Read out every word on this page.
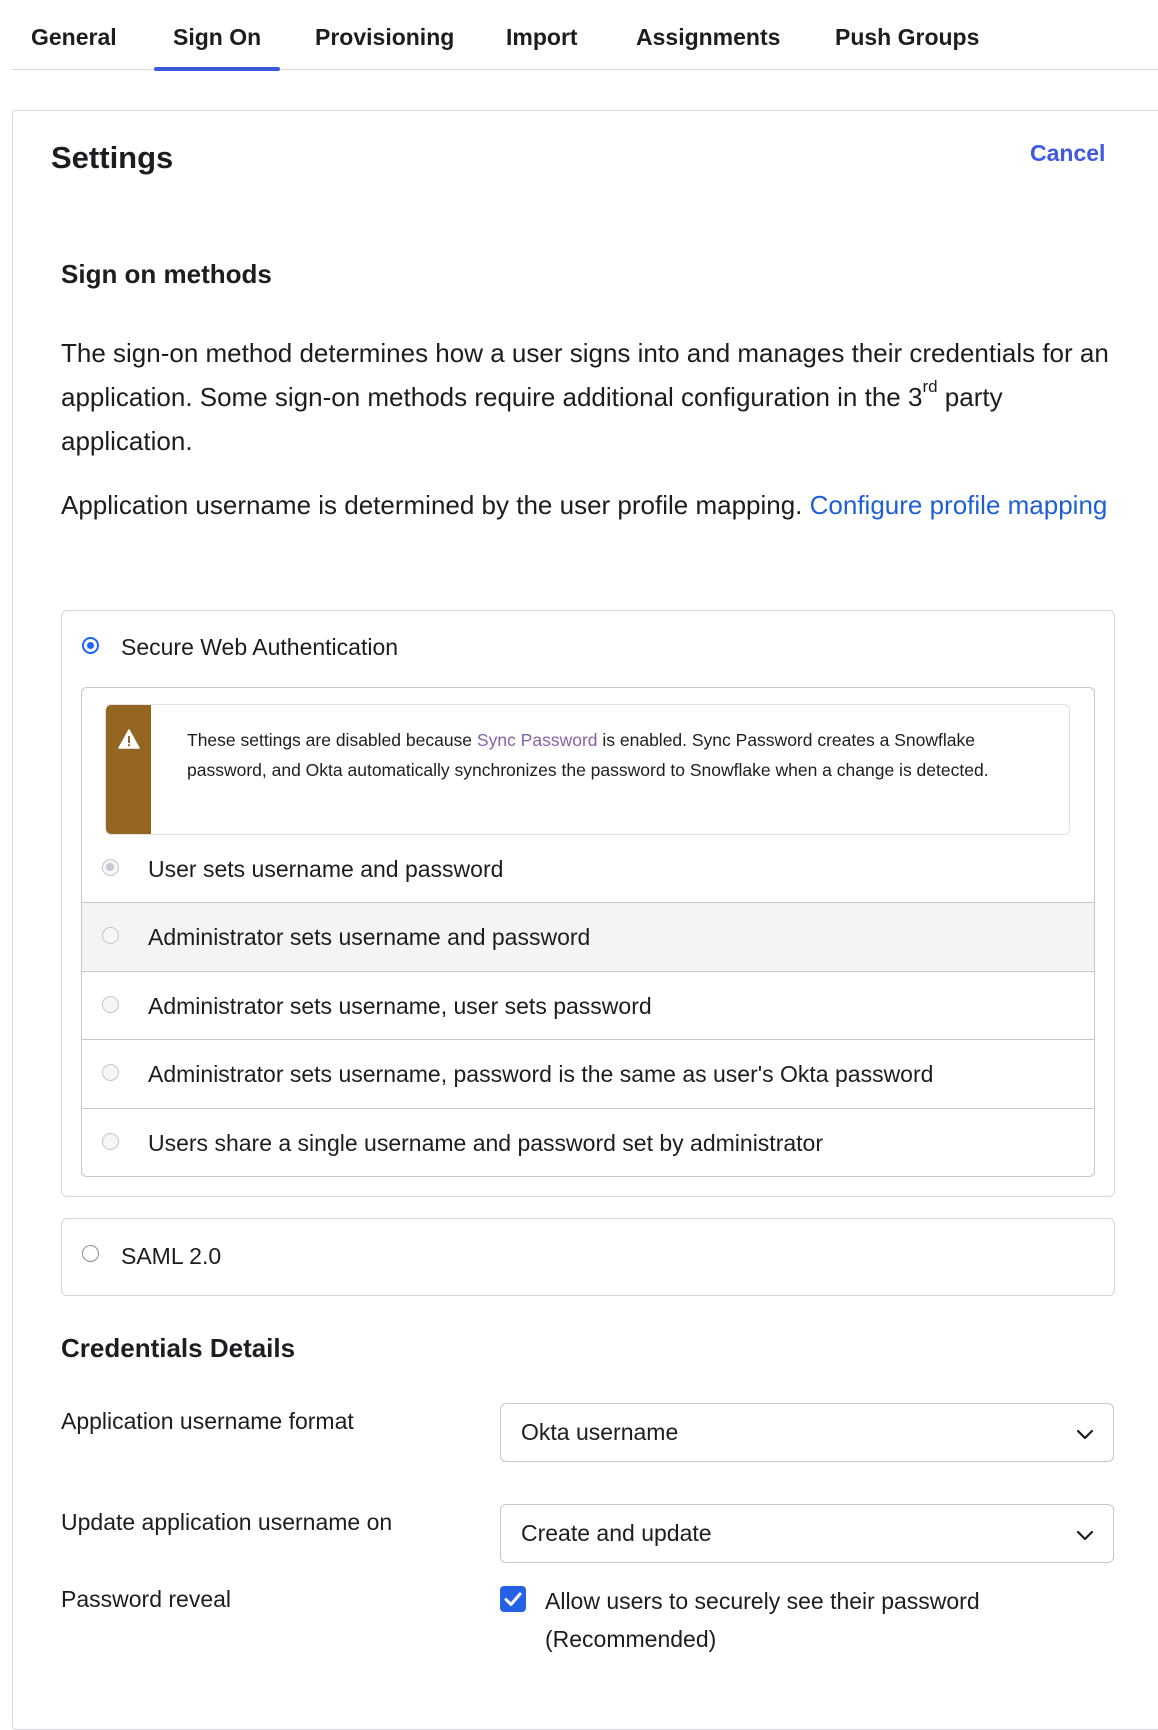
General Sign On Provisioning Import	Assignments Push Groups
Settings	Cancel
Sign on methods
The sign-on method determines how a user signs into and manages their credentials for an application. Some sign-on methods require additional configuration in the 3rd party application.
Application username is determined by the user profile mapping. Configure profile mapping
Secure Web Authentication
These settings are disabled because Sync Password is enabled. Sync Password creates a Snowflake password, and Okta automatically synchronizes the password to Snowflake when a change is detected.
User sets username and password
Administrator sets username and password
Administrator sets username, user sets password
Administrator sets username, password is the same as user's Okta password
Users share a single username and password set by administrator
SAML 2.0
Credentials Details
Application username format	Okta username
Update application username on	Create and update
Password reveal	Allow users to securely see their password (Recommended)
